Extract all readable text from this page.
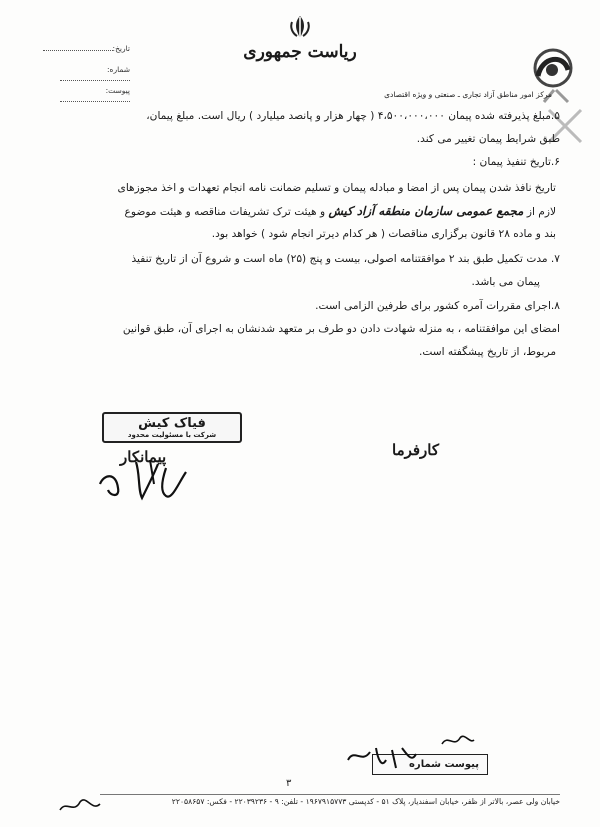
تاریخ:
شماره:
پیوست:
ریاست جمهوری
مرکز امور مناطق آزاد تجاری ـ صنعتی و ویژه اقتصادی
۵.مبلغ پذیرفته شده پیمان ۴،۵۰۰،۰۰۰،۰۰۰ ( چهار هزار و پانصد میلیارد ) ریال است. مبلغ پیمان،
طبق شرایط پیمان تغییر می کند.
۶.تاریخ تنفیذ پیمان :
تاریخ نافذ شدن پیمان پس از امضا و مبادله پیمان و تسلیم ضمانت نامه انجام تعهدات و اخذ مجوزهای
لازم از مجمع عمومی سازمان منطقه آزاد کیش و هیئت ترک تشریفات مناقصه و هیئت موضوع
بند و ماده ۲۸ قانون برگزاری مناقصات ( هر کدام دیرتر انجام شود ) خواهد بود.
۷. مدت تکمیل طبق بند ۲ موافقتنامه اصولی، بیست و پنج (۲۵) ماه است و شروع آن از تاریخ تنفیذ
پیمان می باشد.
۸.اجرای مقررات آمره کشور برای طرفین الزامی است.
امضای این موافقتنامه ، به منزله شهادت دادن دو طرف بر متعهد شدنشان به اجرای آن، طبق قوانین
مربوط، از تاریخ پیشگفته است.
فیاک کیش
شرکت با مسئولیت محدود
پیمانکار	کارفرما
پیوست شماره
۳
خیابان ولی عصر، بالاتر از ظفر، خیابان اسفندیار، پلاک ۵۱ - کدپستی ۱۹۶۷۹۱۵۷۷۳ - تلفن: ۹ - ۲۲۰۳۹۲۳۶ - فکس: ۲۲۰۵۸۶۵۷
